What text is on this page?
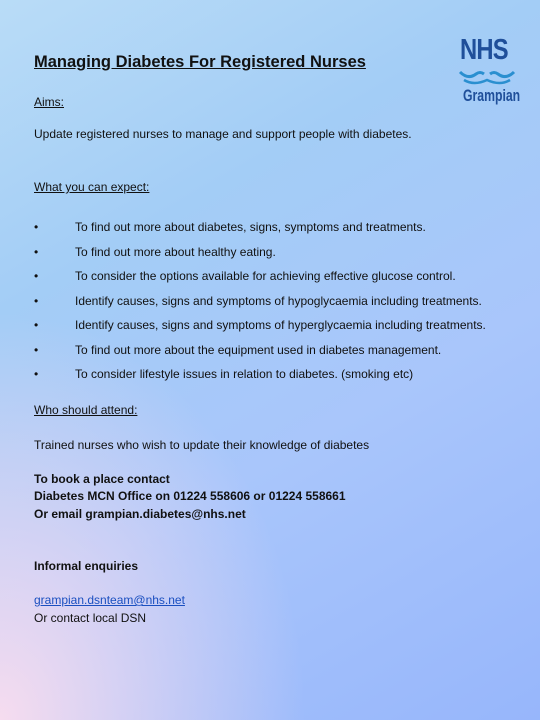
Managing Diabetes For Registered Nurses	NHS
Grampian
Aims:
Update registered nurses to manage and support people with diabetes.
What you can expect:
•	To find out more about diabetes, signs, symptoms and treatments.
•	To find out more about healthy eating.
•	To consider the options available for achieving effective glucose control.
•	Identify causes, signs and symptoms of hypoglycaemia including treatments.
•	Identify causes, signs and symptoms of hyperglycaemia including treatments.
•	To find out more about the equipment used in diabetes management.
•	To consider lifestyle issues in relation to diabetes. (smoking etc)
Who should attend:
Trained nurses who wish to update their knowledge of diabetes
To book a place contact
Diabetes MCN Office on 01224 558606 or 01224 558661
Or email grampian.diabetes@nhs.net
Informal enquiries
grampian.dsnteam@nhs.net
Or contact local DSN
